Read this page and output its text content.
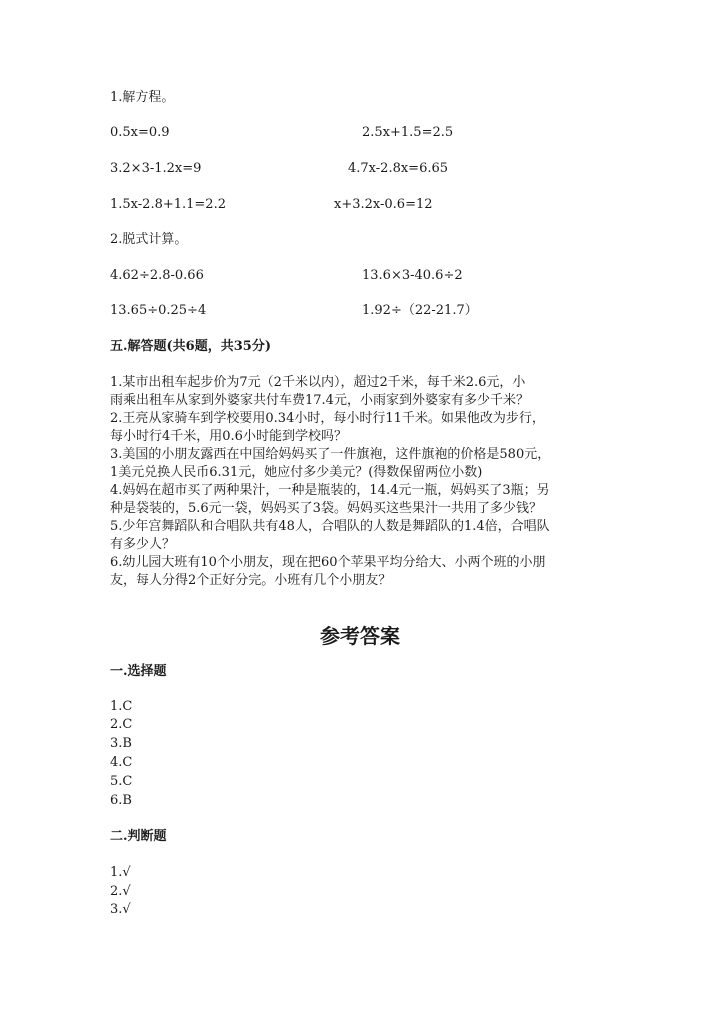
1.解方程。
0.5x=0.9	2.5x+1.5=2.5
3.2×3-1.2x=9	4.7x-2.8x=6.65
1.5x-2.8+1.1=2.2	x+3.2x-0.6=12
2.脱式计算。
4.62÷2.8-0.66	13.6×3-40.6÷2
13.65÷0.25÷4	1.92÷（22-21.7）
五.解答题(共6题，共35分)
1.某市出租车起步价为7元（2千米以内），超过2千米，每千米2.6元，小
雨乘出租车从家到外婆家共付车费17.4元，小雨家到外婆家有多少千米？
2.王亮从家骑车到学校要用0.34小时，每小时行11千米。如果他改为步行，
每小时行4千米，用0.6小时能到学校吗？
3.美国的小朋友露西在中国给妈妈买了一件旗袍，这件旗袍的价格是580元，
1美元兑换人民币6.31元，她应付多少美元？(得数保留两位小数)
4.妈妈在超市买了两种果汁，一种是瓶装的，14.4元一瓶，妈妈买了3瓶；另
种是袋装的，5.6元一袋，妈妈买了3袋。妈妈买这些果汁一共用了多少钱？
5.少年宫舞蹈队和合唱队共有48人，合唱队的人数是舞蹈队的1.4倍，合唱队
有多少人？
6.幼儿园大班有10个小朋友，现在把60个苹果平均分给大、小两个班的小朋
友，每人分得2个正好分完。小班有几个小朋友？
参考答案
一.选择题
1.C
2.C
3.B
4.C
5.C
6.B
二.判断题
1.√
2.√
3.√
